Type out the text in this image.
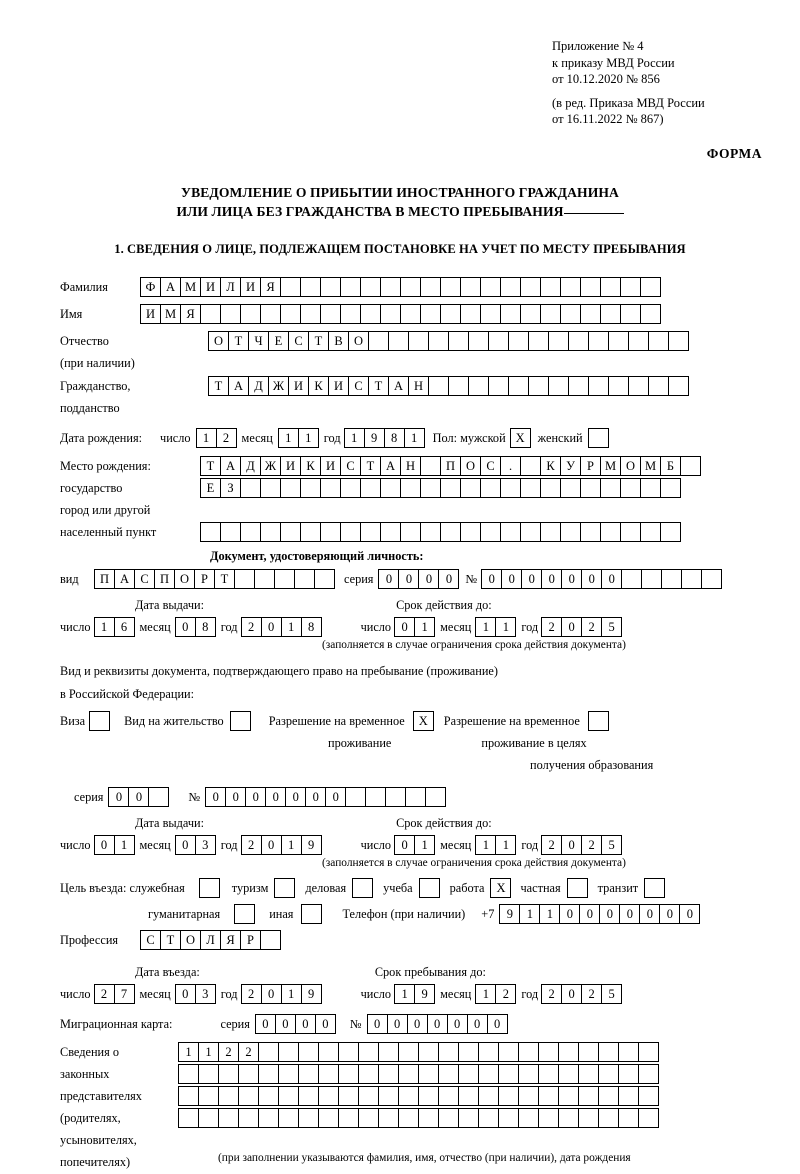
Приложение № 4
к приказу МВД России
от 10.12.2020 № 856
(в ред. Приказа МВД России
от 16.11.2022 № 867)
ФОРМА
УВЕДОМЛЕНИЕ О ПРИБЫТИИ ИНОСТРАННОГО ГРАЖДАНИНА
ИЛИ ЛИЦА БЕЗ ГРАЖДАНСТВА В МЕСТО ПРЕБЫВАНИЯ
1. СВЕДЕНИЯ О ЛИЦЕ, ПОДЛЕЖАЩЕМ ПОСТАНОВКЕ НА УЧЕТ ПО МЕСТУ ПРЕБЫВАНИЯ
Фамилия	Ф А М И Л И Я
Имя	И М Я
Отчество	О Т Ч Е С Т В О
(при наличии)
Гражданство,	Т А Д Ж И К И С Т А Н
подданство
Дата рождения: число 1	2	месяц 1	1	год 1	9	8	1	Пол: мужской Х	женский
Место рождения:	Т А Д Ж И К И С Т А Н	П О С	.	К У Р М О М Б
государство	Е	З
город или другой
населенный пункт
Документ, удостоверяющий личность:
вид	П А С П О Р	Т	серия 0	0	0	0	№ 0	0	0	0	0	0	0
Дата выдачи:	Срок действия до:
число 1	6	месяц 0	8	год 2	0	1	8	число 0	1	месяц 1	1	год 2	0	2	5
(заполняется в случае ограничения срока действия документа)
Вид и реквизиты документа, подтверждающего право на пребывание (проживание)
в Российской Федерации:
Виза	Вид на жительство	Разрешение на временное	Х	Разрешение на временное
проживание	проживание в целях
получения образования
серия 0	0	№ 0	0	0	0	0	0	0
Дата выдачи:	Срок действия до:
число 0	1	месяц 0	3	год 2	0	1	9	число 0	1	месяц 1	1	год 2	0	2	5
(заполняется в случае ограничения срока действия документа)
Цель въезда: служебная	туризм	деловая	учеба	работа Х	частная	транзит
гуманитарная	иная	Телефон (при наличии) +7 9	1	1	0	0	0	0	0	0	0
Профессия	С Т О Л Я Р
Дата въезда:	Срок пребывания до:
число 2	7	месяц 0	3	год 2	0	1	9	число 1	9	месяц 1	2	год 2	0	2	5
Миграционная карта:	серия 0	0	0	0	№ 0	0	0	0	0	0	0
Сведения о	1	1	2	2
законных
представителях
(родителях,
усыновителях,
попечителях)	(при заполнении указываются фамилия, имя, отчество (при наличии), дата рождения
